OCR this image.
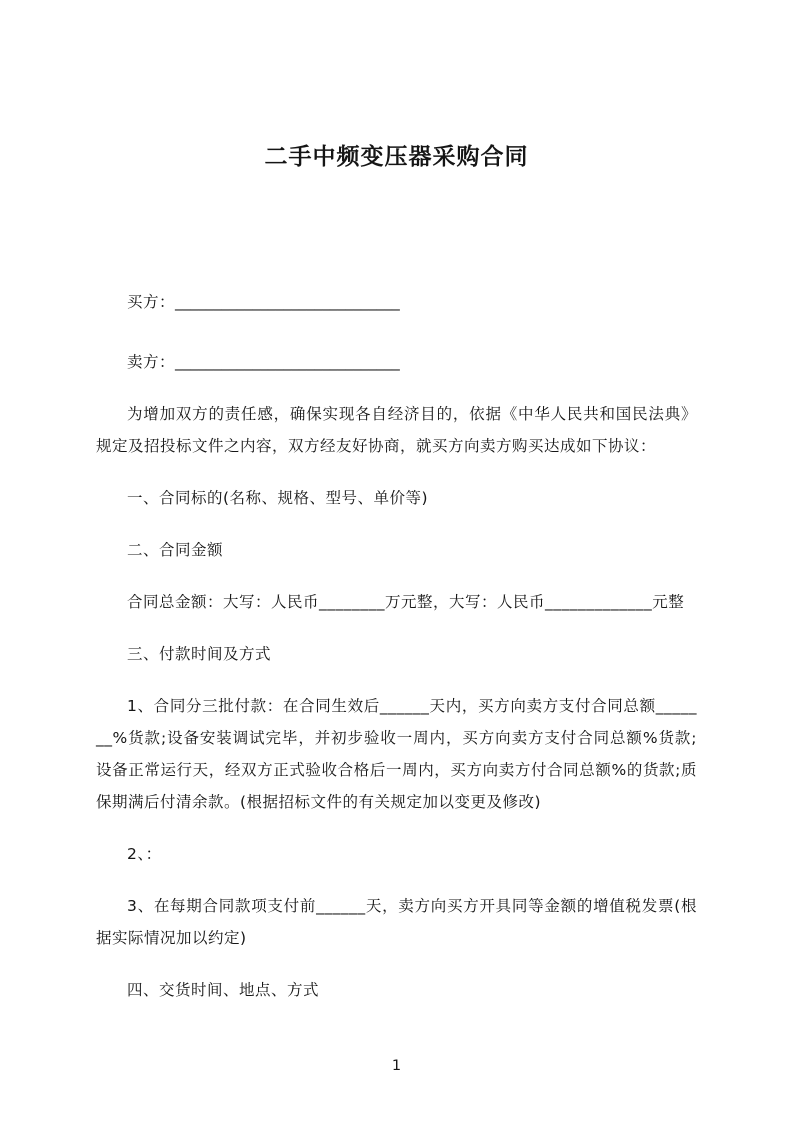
二手中频变压器采购合同

买方：_____________________________

卖方：_____________________________

为增加双方的责任感，确保实现各自经济目的，依据《中华人民共和国民法典》规定及招投标文件之内容，双方经友好协商，就买方向卖方购买达成如下协议：

一、合同标的(名称、规格、型号、单价等)

二、合同金额

合同总金额：大写：人民币________万元整，大写：人民币_____________元整

三、付款时间及方式

1、合同分三批付款：在合同生效后______天内，买方向卖方支付合同总额_______%货款;设备安装调试完毕，并初步验收一周内，买方向卖方支付合同总额%货款;设备正常运行天，经双方正式验收合格后一周内，买方向卖方付合同总额%的货款;质保期满后付清余款。(根据招标文件的有关规定加以变更及修改)

2、：

3、在每期合同款项支付前______天，卖方向买方开具同等金额的增值税发票(根据实际情况加以约定)

四、交货时间、地点、方式

1
